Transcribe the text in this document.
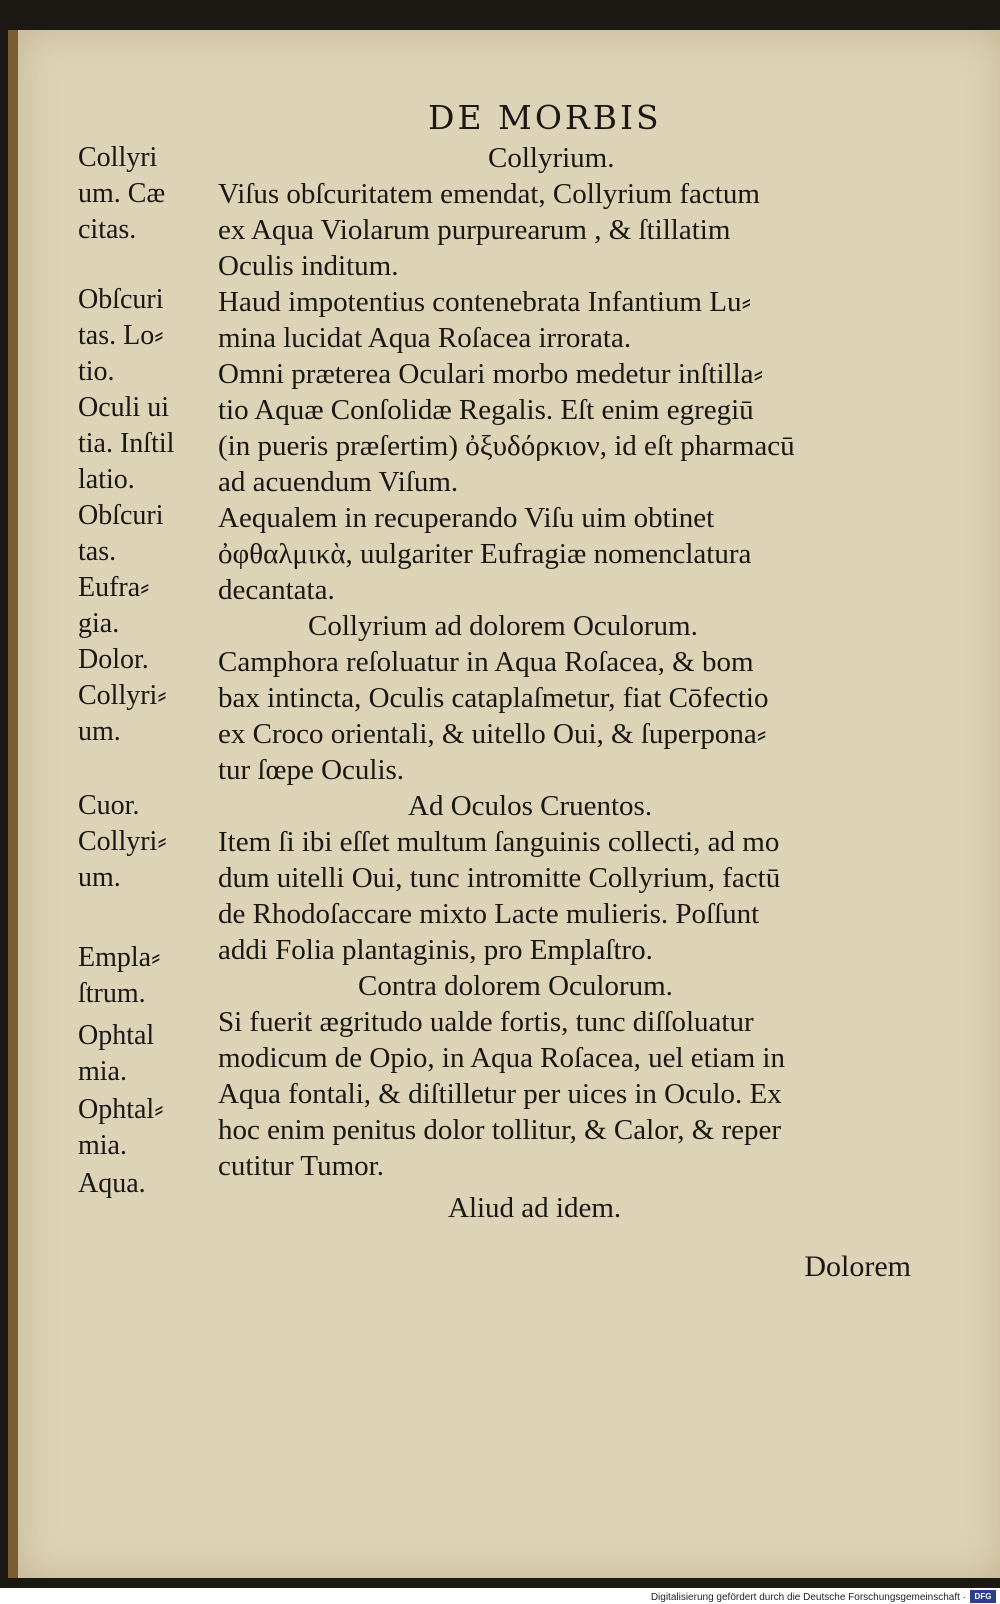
DE MORBIS
Collyri
um. Cæ
citas.
Obſcuri
tas. Lo⸗
tio.
Oculi ui
tia. Inſtil
latio.
Obſcuri
tas.
Eufra⸗
gia.
Dolor.
Collyri⸗
um.
Cuor.
Collyri⸗
um.
Empla⸗
ſtrum.
Ophtal
mia.
Ophtal⸗
mia.
Aqua.
Collyrium.
Viſus obſcuritatem emendat, Collyrium factum
ex Aqua Violarum purpurearum , & ſtillatim
Oculis inditum.
Haud impotentius contenebrata Infantium Lu⸗
mina lucidat Aqua Roſacea irrorata.
Omni prӕterea Oculari morbo medetur inſtilla⸗
tio Aquӕ Conſolidӕ Regalis. Eſt enim egregiū
(in pueris prӕſertim) ὀξυδόρκιον, id eſt pharmacū
ad acuendum Viſum.
Aequalem in recuperando Viſu uim obtinet
ὀφθαλμικὰ, uulgariter Eufragiӕ nomenclatura
decantata.
Collyrium ad dolorem Oculorum.
Camphora reſoluatur in Aqua Roſacea, & bom
bax intincta, Oculis cataplaſmetur, fiat Cōfectio
ex Croco orientali, & uitello Oui, & ſuperpona⸗
tur ſœpe Oculis.
Ad Oculos Cruentos.
Item ſi ibi eſſet multum ſanguinis collecti, ad mo
dum uitelli Oui, tunc intromitte Collyrium, factū
de Rhodoſaccare mixto Lacte mulieris. Poſſunt
addi Folia plantaginis, pro Emplaſtro.
Contra dolorem Oculorum.
Si fuerit ӕgritudo ualde fortis, tunc diſſoluatur
modicum de Opio, in Aqua Roſacea, uel etiam in
Aqua fontali, & diſtilletur per uices in Oculo. Ex
hoc enim penitus dolor tollitur, & Calor, & reper
cutitur Tumor.
Aliud ad idem.
Dolorem
Digitalisierung gefördert durch die Deutsche Forschungsgemeinschaft ·	DFG
